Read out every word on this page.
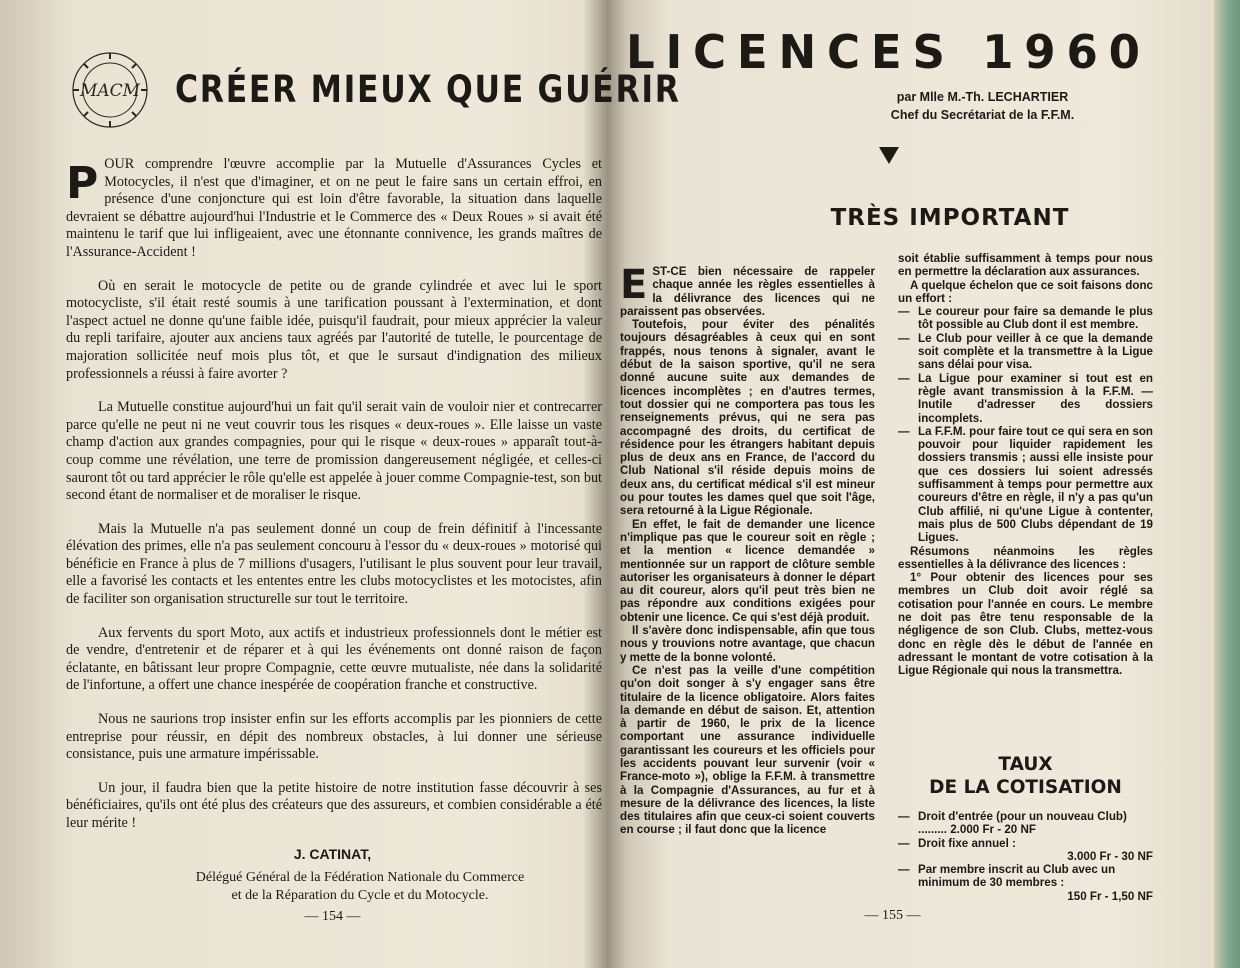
MACM CRÉER MIEUX QUE GUÉRIR

POUR comprendre l'œuvre accomplie par la Mutuelle d'Assurances Cycles et Motocycles, il n'est que d'imaginer, et on ne peut le faire sans un certain effroi, en présence d'une conjoncture qui est loin d'être favorable, la situation dans laquelle devraient se débattre aujourd'hui l'Industrie et le Commerce des « Deux Roues » si avait été maintenu le tarif que lui infligeaient, avec une étonnante connivence, les grands maîtres de l'Assurance-Accident !

Où en serait le motocycle de petite ou de grande cylindrée et avec lui le sport motocycliste, s'il était resté soumis à une tarification poussant à l'extermination, et dont l'aspect actuel ne donne qu'une faible idée, puisqu'il faudrait, pour mieux apprécier la valeur du repli tarifaire, ajouter aux anciens taux agréés par l'autorité de tutelle, le pourcentage de majoration sollicitée neuf mois plus tôt, et que le sursaut d'indignation des milieux professionnels a réussi à faire avorter ?

La Mutuelle constitue aujourd'hui un fait qu'il serait vain de vouloir nier et contrecarrer parce qu'elle ne peut ni ne veut couvrir tous les risques « deux-roues ». Elle laisse un vaste champ d'action aux grandes compagnies, pour qui le risque « deux-roues » apparaît tout-à-coup comme une révélation, une terre de promission dangereusement négligée, et celles-ci sauront tôt ou tard apprécier le rôle qu'elle est appelée à jouer comme Compagnie-test, son but second étant de normaliser et de moraliser le risque.

Mais la Mutuelle n'a pas seulement donné un coup de frein définitif à l'incessante élévation des primes, elle n'a pas seulement concouru à l'essor du « deux-roues » motorisé qui bénéficie en France à plus de 7 millions d'usagers, l'utilisant le plus souvent pour leur travail, elle a favorisé les contacts et les ententes entre les clubs motocyclistes et les motocistes, afin de faciliter son organisation structurelle sur tout le territoire.

Aux fervents du sport Moto, aux actifs et industrieux professionnels dont le métier est de vendre, d'entretenir et de réparer et à qui les événements ont donné raison de façon éclatante, en bâtissant leur propre Compagnie, cette œuvre mutualiste, née dans la solidarité de l'infortune, a offert une chance inespérée de coopération franche et constructive.

Nous ne saurions trop insister enfin sur les efforts accomplis par les pionniers de cette entreprise pour réussir, en dépit des nombreux obstacles, à lui donner une sérieuse consistance, puis une armature impérissable.

Un jour, il faudra bien que la petite histoire de notre institution fasse découvrir à ses bénéficiaires, qu'ils ont été plus des créateurs que des assureurs, et combien considérable a été leur mérite !

J. CATINAT,
Délégué Général de la Fédération Nationale du Commerce
et de la Réparation du Cycle et du Motocycle.
— 154 —
LICENCES 1960
par Mlle M.-Th. LECHARTIER
Chef du Secrétariat de la F.F.M.
TRÈS IMPORTANT

EST-CE bien nécessaire de rappeler chaque année les règles essentielles à la délivrance des licences qui ne paraissent pas observées.

Toutefois, pour éviter des pénalités toujours désagréables à ceux qui en sont frappés, nous tenons à signaler, avant le début de la saison sportive, qu'il ne sera donné aucune suite aux demandes de licences incomplètes ; en d'autres termes, tout dossier qui ne comportera pas tous les renseignements prévus, qui ne sera pas accompagné des droits, du certificat de résidence pour les étrangers habitant depuis plus de deux ans en France, de l'accord du Club National s'il réside depuis moins de deux ans, du certificat médical s'il est mineur ou pour toutes les dames quel que soit l'âge, sera retourné à la Ligue Régionale.

En effet, le fait de demander une licence n'implique pas que le coureur soit en règle ; et la mention « licence demandée » mentionnée sur un rapport de clôture semble autoriser les organisateurs à donner le départ au dit coureur, alors qu'il peut très bien ne pas répondre aux conditions exigées pour obtenir une licence. Ce qui s'est déjà produit.

Il s'avère donc indispensable, afin que tous nous y trouvions notre avantage, que chacun y mette de la bonne volonté.

Ce n'est pas la veille d'une compétition qu'on doit songer à s'y engager sans être titulaire de la licence obligatoire. Alors faites la demande en début de saison. Et, attention à partir de 1960, le prix de la licence comportant une assurance individuelle garantissant les coureurs et les officiels pour les accidents pouvant leur survenir (voir « France-moto »), oblige la F.F.M. à transmettre à la Compagnie d'Assurances, au fur et à mesure de la délivrance des licences, la liste des titulaires afin que ceux-ci soient couverts en course ; il faut donc que la licence

soit établie suffisamment à temps pour nous en permettre la déclaration aux assurances.

A quelque échelon que ce soit faisons donc un effort :

— Le coureur pour faire sa demande le plus tôt possible au Club dont il est membre.

— Le Club pour veiller à ce que la demande soit complète et la transmettre à la Ligue sans délai pour visa.

— La Ligue pour examiner si tout est en règle avant transmission à la F.F.M. — Inutile d'adresser des dossiers incomplets.

— La F.F.M. pour faire tout ce qui sera en son pouvoir pour liquider rapidement les dossiers transmis ; aussi elle insiste pour que ces dossiers lui soient adressés suffisamment à temps pour permettre aux coureurs d'être en règle, il n'y a pas qu'un Club affilié, ni qu'une Ligue à contenter, mais plus de 500 Clubs dépendant de 19 Ligues.

Résumons néanmoins les règles essentielles à la délivrance des licences :

1° Pour obtenir des licences pour ses membres un Club doit avoir réglé sa cotisation pour l'année en cours. Le membre ne doit pas être tenu responsable de la négligence de son Club. Clubs, mettez-vous donc en règle dès le début de l'année en adressant le montant de votre cotisation à la Ligue Régionale qui nous la transmettra.

TAUX
DE LA COTISATION
— Droit d'entrée (pour un nouveau Club) ......... 2.000 Fr - 20 NF
— Droit fixe annuel :
3.000 Fr - 30 NF
— Par membre inscrit au Club avec un minimum de 30 membres :
150 Fr - 1,50 NF
— 155 —
